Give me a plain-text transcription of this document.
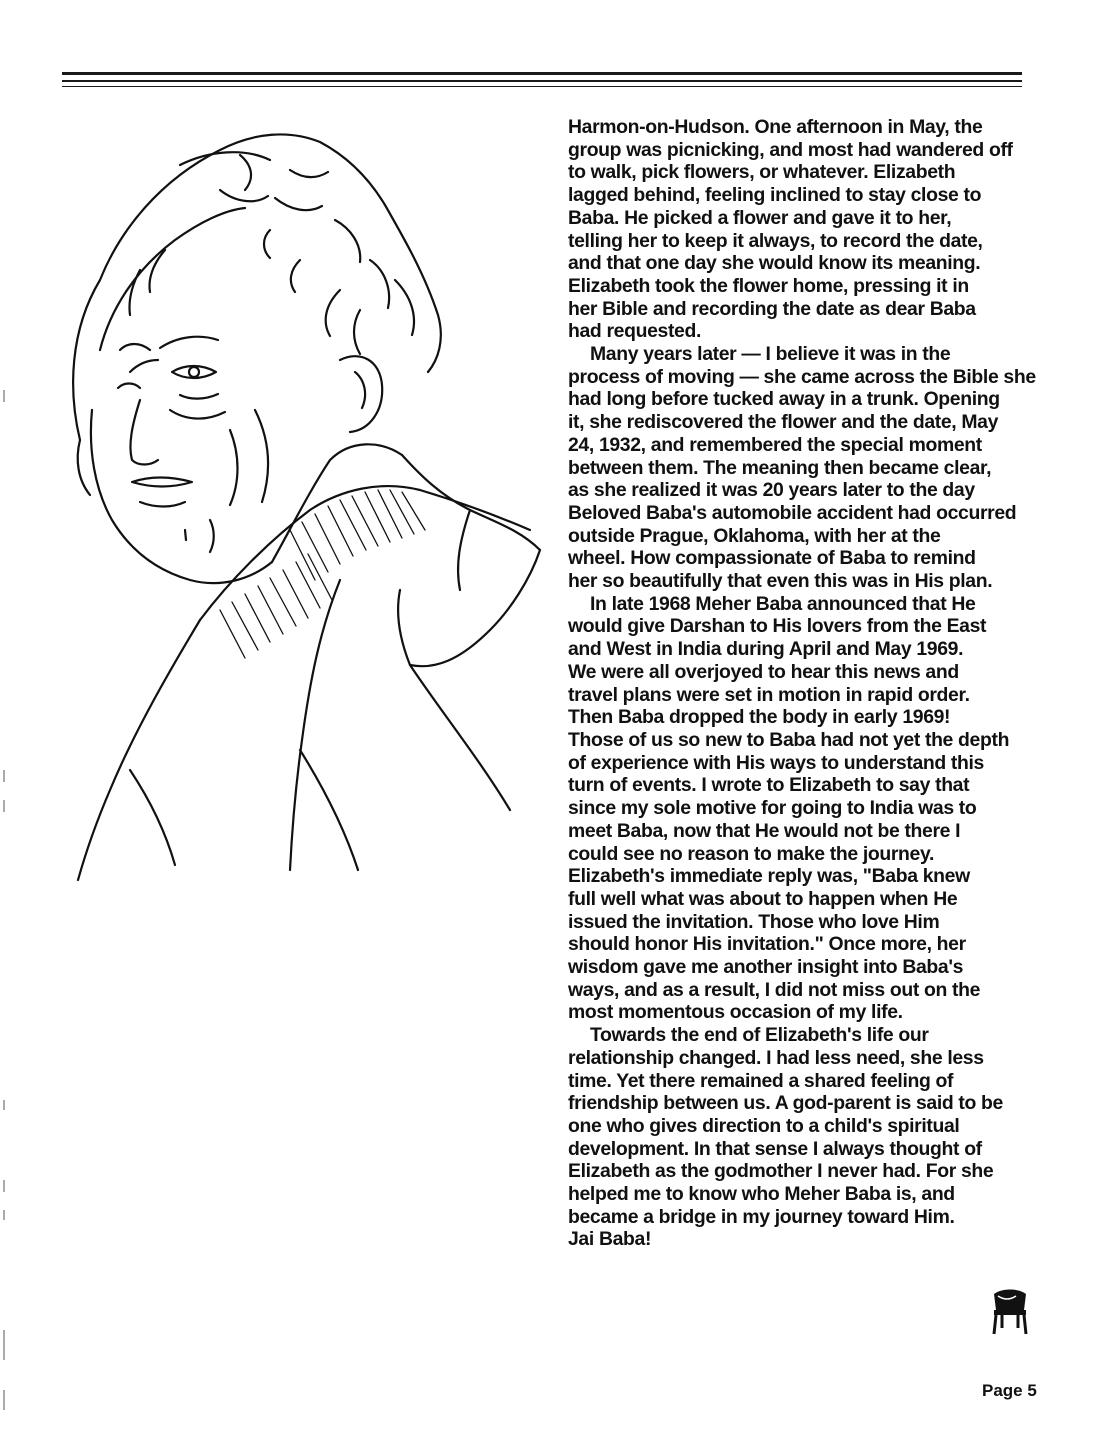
Harmon-on-Hudson. One afternoon in May, the
group was picnicking, and most had wandered off
to walk, pick flowers, or whatever. Elizabeth
lagged behind, feeling inclined to stay close to
Baba. He picked a flower and gave it to her,
telling her to keep it always, to record the date,
and that one day she would know its meaning.
Elizabeth took the flower home, pressing it in
her Bible and recording the date as dear Baba
had requested.

Many years later — I believe it was in the
process of moving — she came across the Bible she
had long before tucked away in a trunk. Opening
it, she rediscovered the flower and the date, May
24, 1932, and remembered the special moment
between them. The meaning then became clear,
as she realized it was 20 years later to the day
Beloved Baba's automobile accident had occurred
outside Prague, Oklahoma, with her at the
wheel. How compassionate of Baba to remind
her so beautifully that even this was in His plan.

In late 1968 Meher Baba announced that He
would give Darshan to His lovers from the East
and West in India during April and May 1969.
We were all overjoyed to hear this news and
travel plans were set in motion in rapid order.
Then Baba dropped the body in early 1969!
Those of us so new to Baba had not yet the depth
of experience with His ways to understand this
turn of events. I wrote to Elizabeth to say that
since my sole motive for going to India was to
meet Baba, now that He would not be there I
could see no reason to make the journey.
Elizabeth's immediate reply was, "Baba knew
full well what was about to happen when He
issued the invitation. Those who love Him
should honor His invitation." Once more, her
wisdom gave me another insight into Baba's
ways, and as a result, I did not miss out on the
most momentous occasion of my life.

Towards the end of Elizabeth's life our
relationship changed. I had less need, she less
time. Yet there remained a shared feeling of
friendship between us. A god-parent is said to be
one who gives direction to a child's spiritual
development. In that sense I always thought of
Elizabeth as the godmother I never had. For she
helped me to know who Meher Baba is, and
became a bridge in my journey toward Him.

Jai Baba!

Page 5
